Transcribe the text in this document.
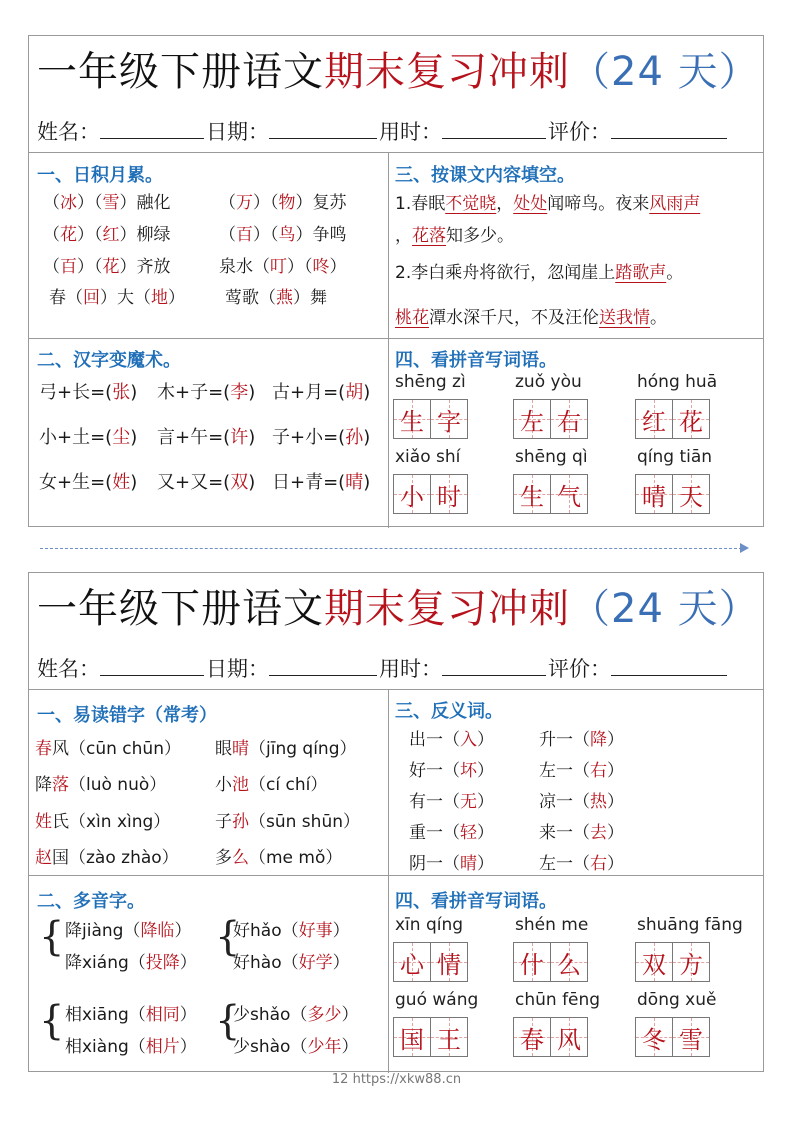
一年级下册语文期末复习冲刺（24 天）
姓名：	日期：	用时：	评价：
一、日积月累。
（冰）（雪）融化	（万）（物）复苏
（花）（红）柳绿	（百）（鸟）争鸣
（百）（花）齐放	泉水（叮）（咚）
春（回）大（地） 莺歌（燕）舞
二、汉字变魔术。
弓+长=(张) 木+子=(李) 古+月=(胡)
小+土=(尘) 言+午=(许) 子+小=(孙)
女+生=(姓) 又+又=(双) 日+青=(晴)
三、按课文内容填空。
1.春眠不觉晓，处处闻啼鸟。夜来风雨声
，花落知多少。
2.李白乘舟将欲行，忽闻崖上踏歌声。
桃花潭水深千尺，不及汪伦送我情。
四、看拼音写词语。
shēng zì
生 字
zuǒ yòu
左 右
hóng huā
红 花
xiǎo shí
小 时
shēng qì
生 气
qíng tiān
晴 天
一年级下册语文期末复习冲刺（24 天）
姓名：	日期：	用时：	评价：
一、易读错字（常考）
春风（cūn chūn） 眼晴（jīng qíng）
降落（luò nuò）	小池（cí chí）
姓氏（xìn xìng）	子孙（sūn shūn）
赵国（zào zhào） 多么（me mǒ）
二、多音字。
{	{
{	{
降jiàng（降临）
降xiáng（投降）
好hǎo（好事）
好hào（好学）
相xiāng（相同）
相xiàng（相片）
少shǎo（多少）
少shào（少年）
三、反义词。
出一（入）	升一（降）
好一（坏）	左一（右）
有一（无）	凉一（热）
重一（轻）	来一（去）
阴一（晴）	左一（右）
四、看拼音写词语。
xīn qíng
心 情
shén me
什 么
shuāng fāng
双 方
guó wáng
国 王
chūn fēng
春 风
dōng xuě
冬 雪
12 https://xkw88.cn
